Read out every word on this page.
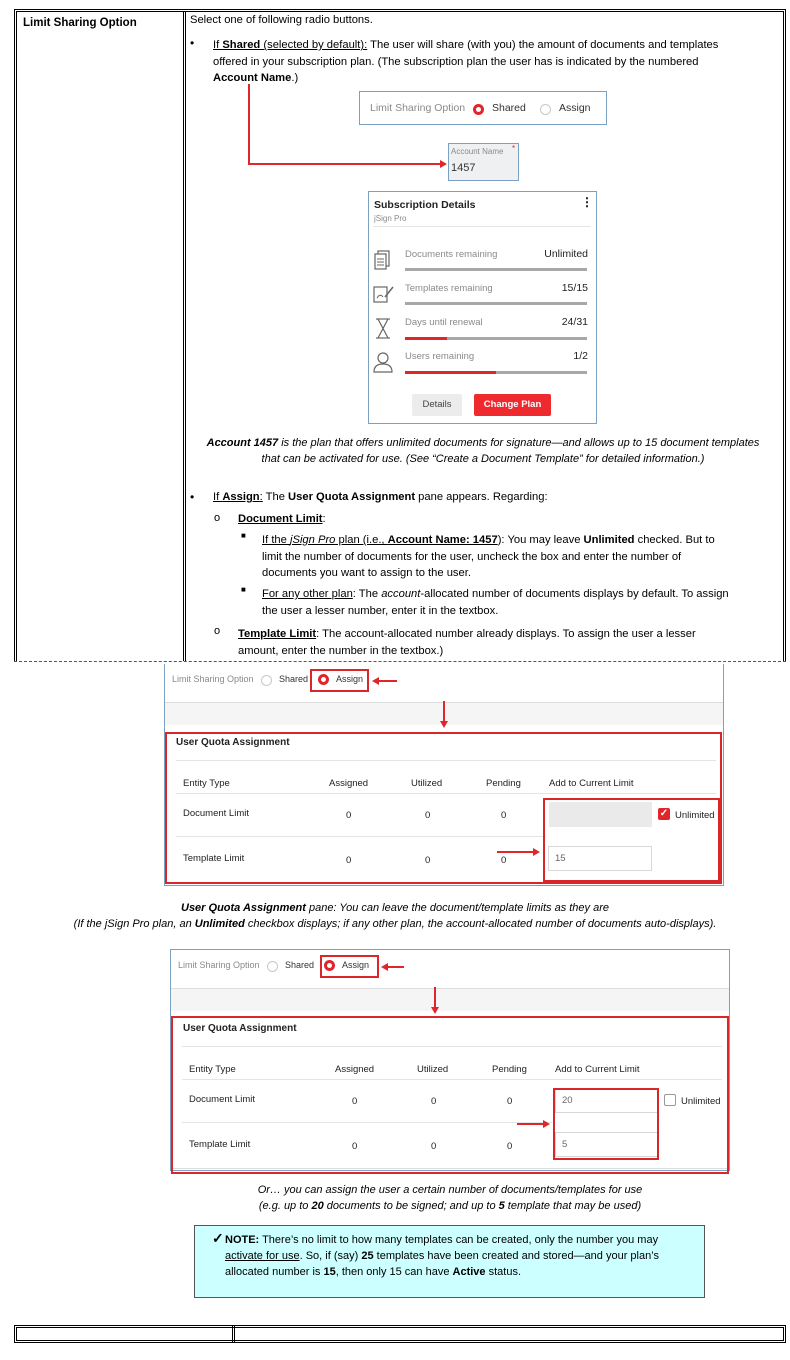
Limit Sharing Option	Select one of following radio buttons.
• If Shared (selected by default): The user will share (with you) the amount of documents and templates
offered in your subscription plan. (The subscription plan the user has is indicated by the numbered
Account Name.)
Limit Sharing Option	Shared	Assign
Account Name *
1457
Subscription Details
jSign Pro
⋮
Documents remaining	Unlimited
Templates remaining	15/15
Days until renewal	24/31
Users remaining	1/2
Details	Change Plan
Account 1457 is the plan that offers unlimited documents for signature—and allows up to 15 document templates
that can be activated for use. (See “Create a Document Template” for detailed information.)
• If Assign: The User Quota Assignment pane appears. Regarding:
o Document Limit:
■ If the jSign Pro plan (i.e., Account Name: 1457): You may leave Unlimited checked. But to
limit the number of documents for the user, uncheck the box and enter the number of
documents you want to assign to the user.
■ For any other plan: The account-allocated number of documents displays by default. To assign
the user a lesser number, enter it in the textbox.
o Template Limit: The account-allocated number already displays. To assign the user a lesser
amount, enter the number in the textbox.)
Limit Sharing Option	Shared	Assign
User Quota Assignment
Entity Type	Assigned	Utilized	Pending	Add to Current Limit
Document Limit	0	0	0	✓ Unlimited
Template Limit	0	0	0	15
User Quota Assignment pane: You can leave the document/template limits as they are
(If the jSign Pro plan, an Unlimited checkbox displays; if any other plan, the account-allocated number of documents auto-displays).
Limit Sharing Option	Shared	Assign
User Quota Assignment
Entity Type	Assigned	Utilized	Pending	Add to Current Limit
Document Limit	0	0	0	20	Unlimited
Template Limit	0	0	0	5
Or… you can assign the user a certain number of documents/templates for use
(e.g. up to 20 documents to be signed; and up to 5 template that may be used)
✓ NOTE: There’s no limit to how many templates can be created, only the number you may
activate for use. So, if (say) 25 templates have been created and stored—and your plan’s
allocated number is 15, then only 15 can have Active status.
